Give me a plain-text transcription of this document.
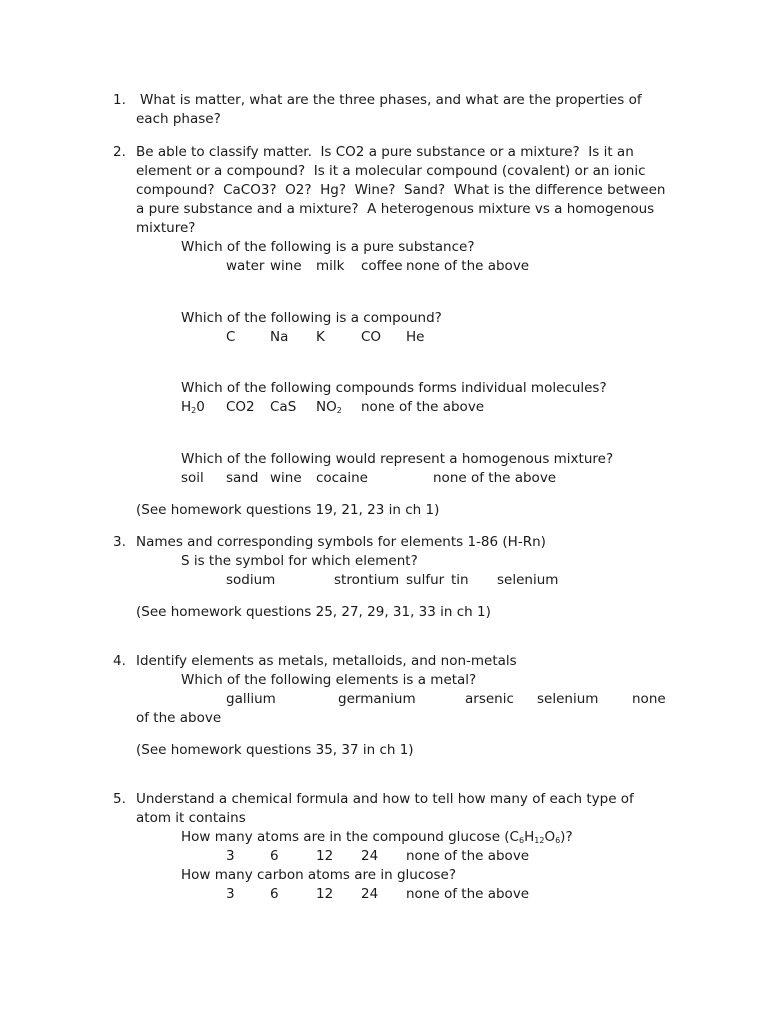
1. What is matter, what are the three phases, and what are the properties of
each phase?
2. Be able to classify matter.  Is CO2 a pure substance or a mixture?  Is it an
element or a compound?  Is it a molecular compound (covalent) or an ionic
compound?  CaCO3?  O2?  Hg?  Wine?  Sand?  What is the difference between
a pure substance and a mixture?  A heterogenous mixture vs a homogenous
mixture?
Which of the following is a pure substance?
water wine milk coffee none of the above
Which of the following is a compound?
C	Na K	CO He
Which of the following compounds forms individual molecules?
$H_20$ CO2 CaS $NO_2$ none of the above
Which of the following would represent a homogenous mixture?
soil sand wine cocaine	none of the above
(See homework questions 19, 21, 23 in ch 1)
3. Names and corresponding symbols for elements 1-86 (H-Rn)
S is the symbol for which element?
sodium	strontium sulfur tin selenium
(See homework questions 25, 27, 29, 31, 33 in ch 1)
4. Identify elements as metals, metalloids, and non-metals
Which of the following elements is a metal?
gallium	germanium	arsenic selenium none
of the above
(See homework questions 35, 37 in ch 1)
5. Understand a chemical formula and how to tell how many of each type of
atom it contains
How many atoms are in the compound glucose $(C_6H_{12}O_6)$?
3	6	12 24 none of the above
How many carbon atoms are in glucose?
3	6	12 24 none of the above
